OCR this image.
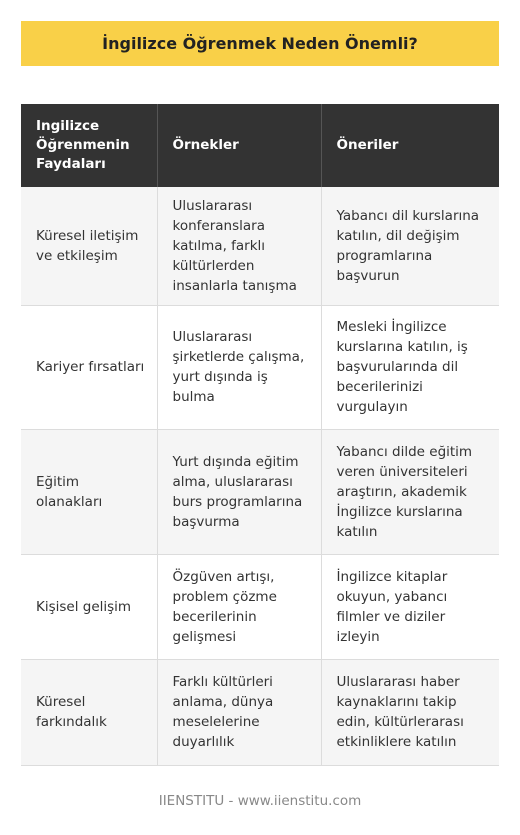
İngilizce Öğrenmek Neden Önemli?
Ingilizce Öğrenmenin Faydaları	Örnekler	Öneriler
Küresel iletişim ve etkileşim	Uluslararası konferanslara katılma, farklı kültürlerden insanlarla tanışma	Yabancı dil kurslarına katılın, dil değişim programlarına başvurun
Kariyer fırsatları	Uluslararası şirketlerde çalışma, yurt dışında iş bulma	Mesleki İngilizce kurslarına katılın, iş başvurularında dil becerilerinizi vurgulayın
Eğitim olanakları	Yurt dışında eğitim alma, uluslararası burs programlarına başvurma	Yabancı dilde eğitim veren üniversiteleri araştırın, akademik İngilizce kurslarına katılın
Kişisel gelişim	Özgüven artışı, problem çözme becerilerinin gelişmesi	İngilizce kitaplar okuyun, yabancı filmler ve diziler izleyin
Küresel farkındalık	Farklı kültürleri anlama, dünya meselelerine duyarlılık	Uluslararası haber kaynaklarını takip edin, kültürlerarası etkinliklere katılın
IIENSTITU - www.iienstitu.com
